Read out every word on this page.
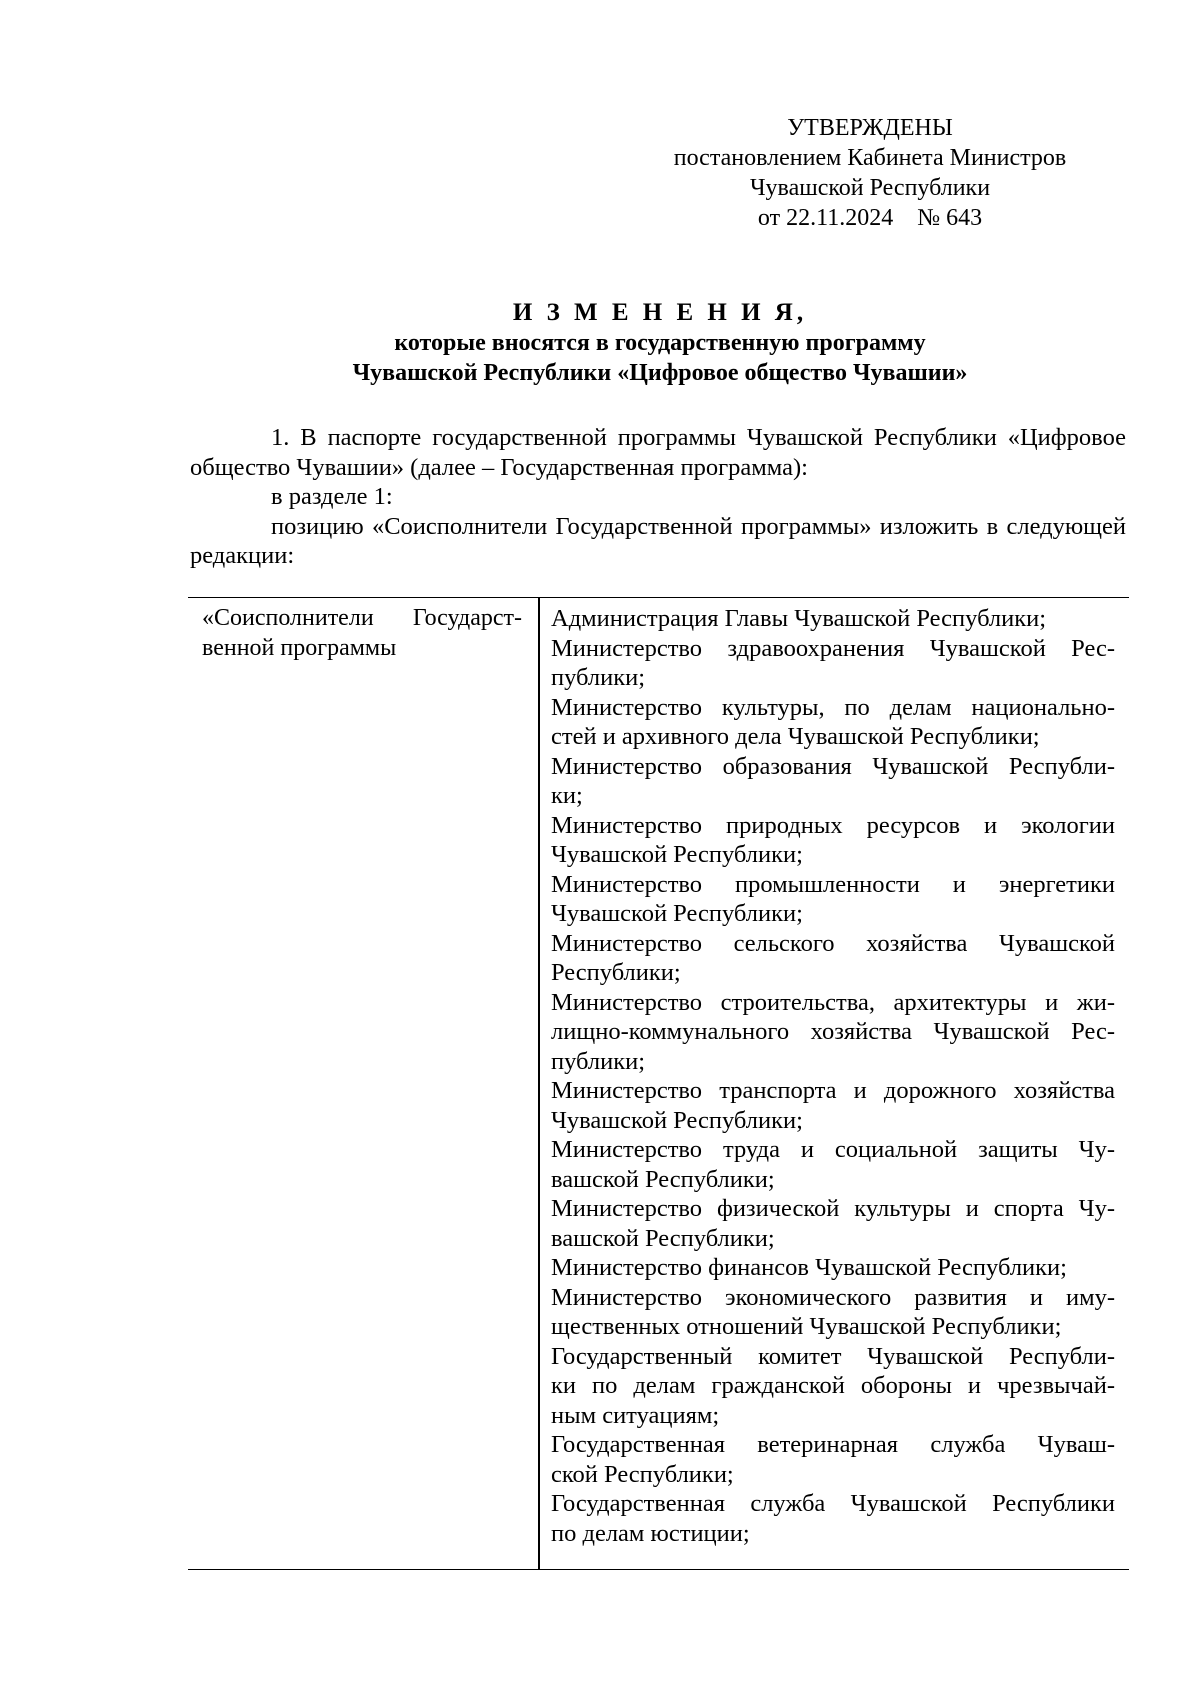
УТВЕРЖДЕНЫ
постановлением Кабинета Министров
Чувашской Республики
от 22.11.2024    № 643
И З М Е Н Е Н И Я,
которые вносятся в государственную программу
Чувашской Республики «Цифровое общество Чувашии»

1. В паспорте государственной программы Чувашской Республики «Цифровое общество Чувашии» (далее – Государственная программа):

в разделе 1:

позицию «Соисполнители Государственной программы» изложить в следующей редакции:

«Соисполнители Государст-
венной программы
Администрация Главы Чувашской Республики;
Министерство здравоохранения Чувашской Рес-
публики;
Министерство культуры, по делам национально-
стей и архивного дела Чувашской Республики;
Министерство образования Чувашской Республи-
ки;
Министерство природных ресурсов и экологии
Чувашской Республики;
Министерство промышленности и энергетики
Чувашской Республики;
Министерство сельского хозяйства Чувашской
Республики;
Министерство строительства, архитектуры и жи-
лищно-коммунального хозяйства Чувашской Рес-
публики;
Министерство транспорта и дорожного хозяйства
Чувашской Республики;
Министерство труда и социальной защиты Чу-
вашской Республики;
Министерство физической культуры и спорта Чу-
вашской Республики;
Министерство финансов Чувашской Республики;
Министерство экономического развития и иму-
щественных отношений Чувашской Республики;
Государственный комитет Чувашской Республи-
ки по делам гражданской обороны и чрезвычай-
ным ситуациям;
Государственная ветеринарная служба Чуваш-
ской Республики;
Государственная служба Чувашской Республики
по делам юстиции;
